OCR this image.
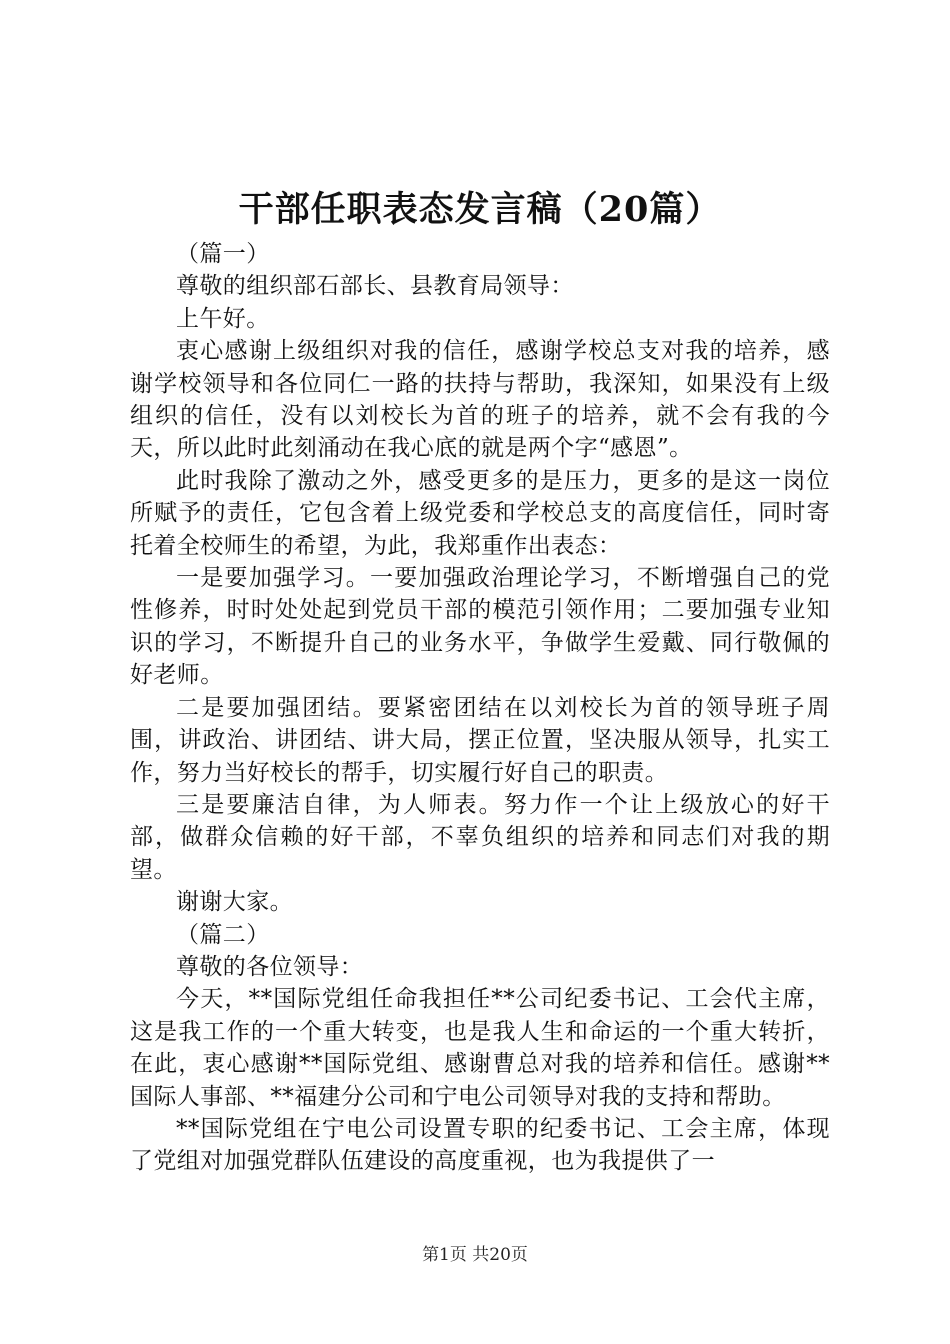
干部任职表态发言稿（20篇）

（篇一）

尊敬的组织部石部长、县教育局领导：

上午好。

衷心感谢上级组织对我的信任，感谢学校总支对我的培养，感谢学校领导和各位同仁一路的扶持与帮助，我深知，如果没有上级组织的信任，没有以刘校长为首的班子的培养，就不会有我的今天，所以此时此刻涌动在我心底的就是两个字“感恩”。

此时我除了激动之外，感受更多的是压力，更多的是这一岗位所赋予的责任，它包含着上级党委和学校总支的高度信任，同时寄托着全校师生的希望，为此，我郑重作出表态：

一是要加强学习。一要加强政治理论学习，不断增强自己的党性修养，时时处处起到党员干部的模范引领作用；二要加强专业知识的学习，不断提升自己的业务水平，争做学生爱戴、同行敬佩的好老师。

二是要加强团结。要紧密团结在以刘校长为首的领导班子周围，讲政治、讲团结、讲大局，摆正位置，坚决服从领导，扎实工作，努力当好校长的帮手，切实履行好自己的职责。

三是要廉洁自律，为人师表。努力作一个让上级放心的好干部，做群众信赖的好干部，不辜负组织的培养和同志们对我的期望。

谢谢大家。

（篇二）

尊敬的各位领导：

今天，**国际党组任命我担任**公司纪委书记、工会代主席，这是我工作的一个重大转变，也是我人生和命运的一个重大转折，在此，衷心感谢**国际党组、感谢曹总对我的培养和信任。感谢**国际人事部、**福建分公司和宁电公司领导对我的支持和帮助。

**国际党组在宁电公司设置专职的纪委书记、工会主席，体现了党组对加强党群队伍建设的高度重视，也为我提供了一

第1页 共20页
